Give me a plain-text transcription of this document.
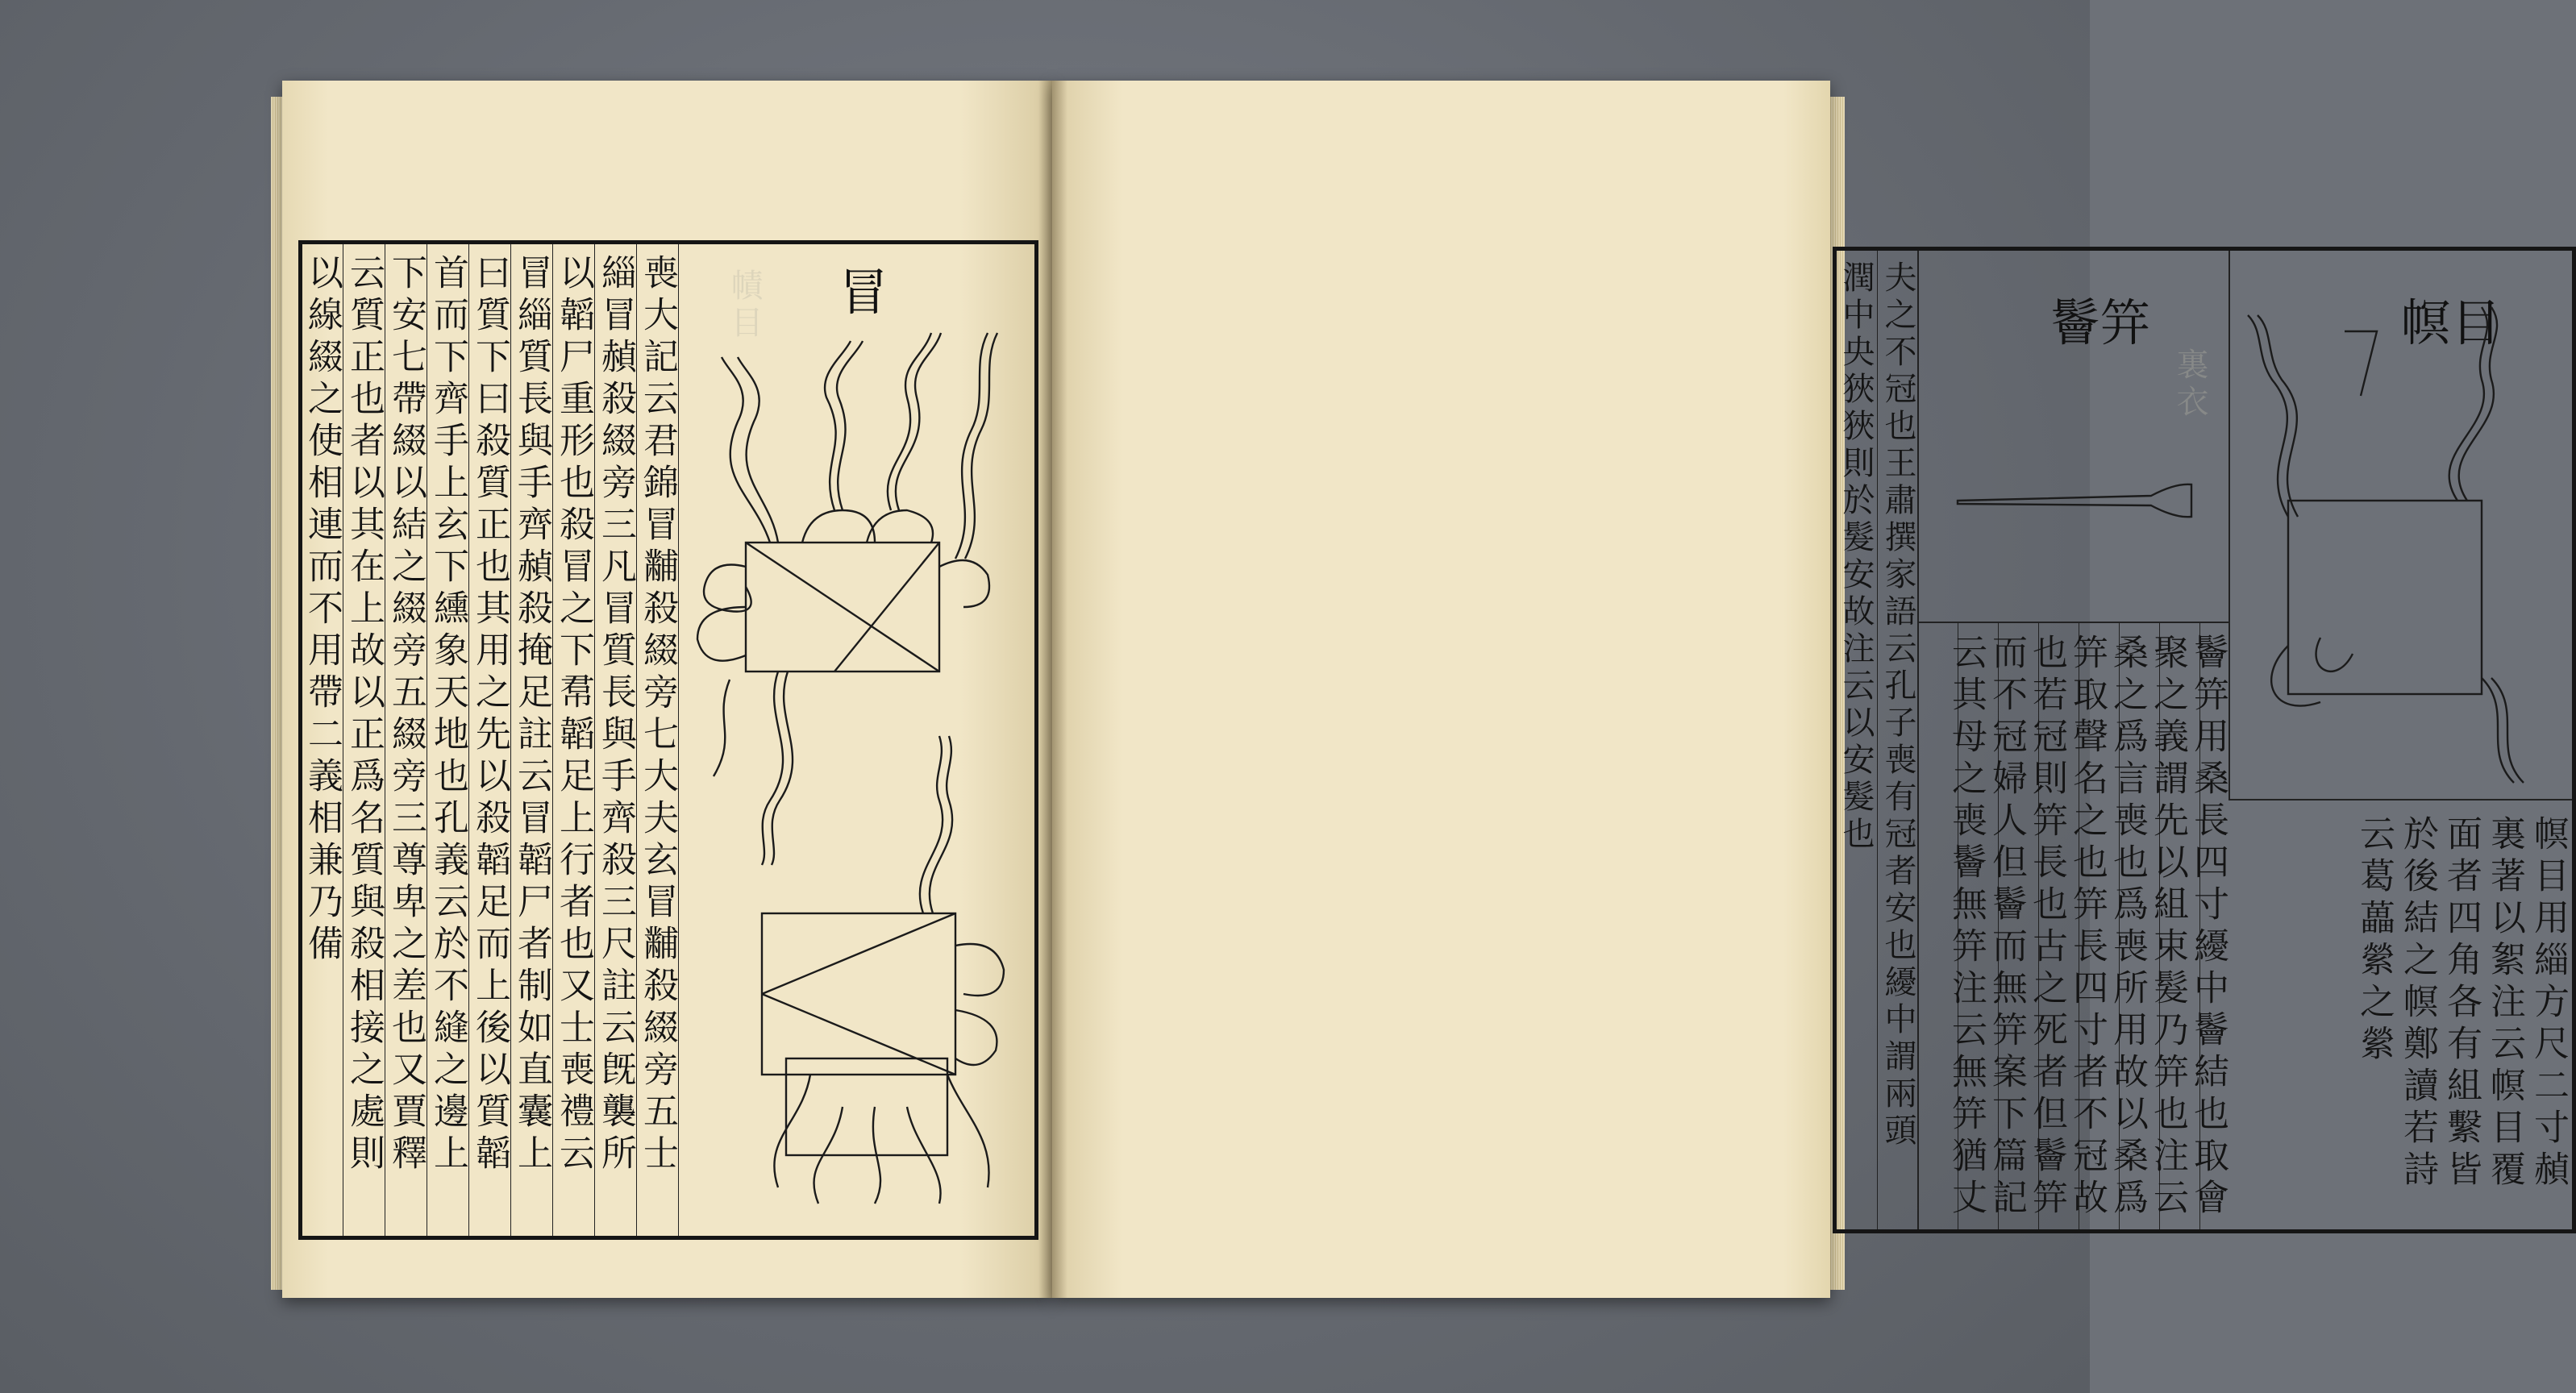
幘目
喪大記云君錦冒黼殺綴旁七大夫玄冒黼殺綴旁五士
緇冒赬殺綴旁三凡冒質長與手齊殺三尺註云旣襲所
以韜尸重形也殺冒之下帬韜足上行者也又士喪禮云
冒緇質長與手齊赬殺掩足註云冒韜尸者制如直囊上
曰質下曰殺質正也其用之先以殺韜足而上後以質韜
首而下齊手上玄下纁象天地也孔義云於不縫之邊上
下安七帶綴以結之綴旁五綴旁三尊卑之差也又賈釋
云質正也者以其在上故以正爲名質與殺相接之處則
以線綴之使相連而不用帶二義相兼乃備	冒
裏衣
幎目
鬠笄
幎目用緇方尺二寸赬
裏著以絮注云幎目覆
面者四角各有組繫皆
於後結之幎鄭讀若詩
云葛藟縈之縈
鬠笄用桑長四寸纋中鬠結也取會
聚之義謂先以組束髮乃笄也注云
桑之爲言喪也爲喪所用故以桑爲
笄取聲名之也笄長四寸者不冠故
也若冠則笄長也古之死者但鬠笄
而不冠婦人但鬠而無笄案下篇記
云其母之喪鬠無笄注云無笄猶丈
夫之不冠也王肅撰家語云孔子喪有冠者安也纋中謂兩頭
潤中央狹狹則於髮安故注云以安髮也
